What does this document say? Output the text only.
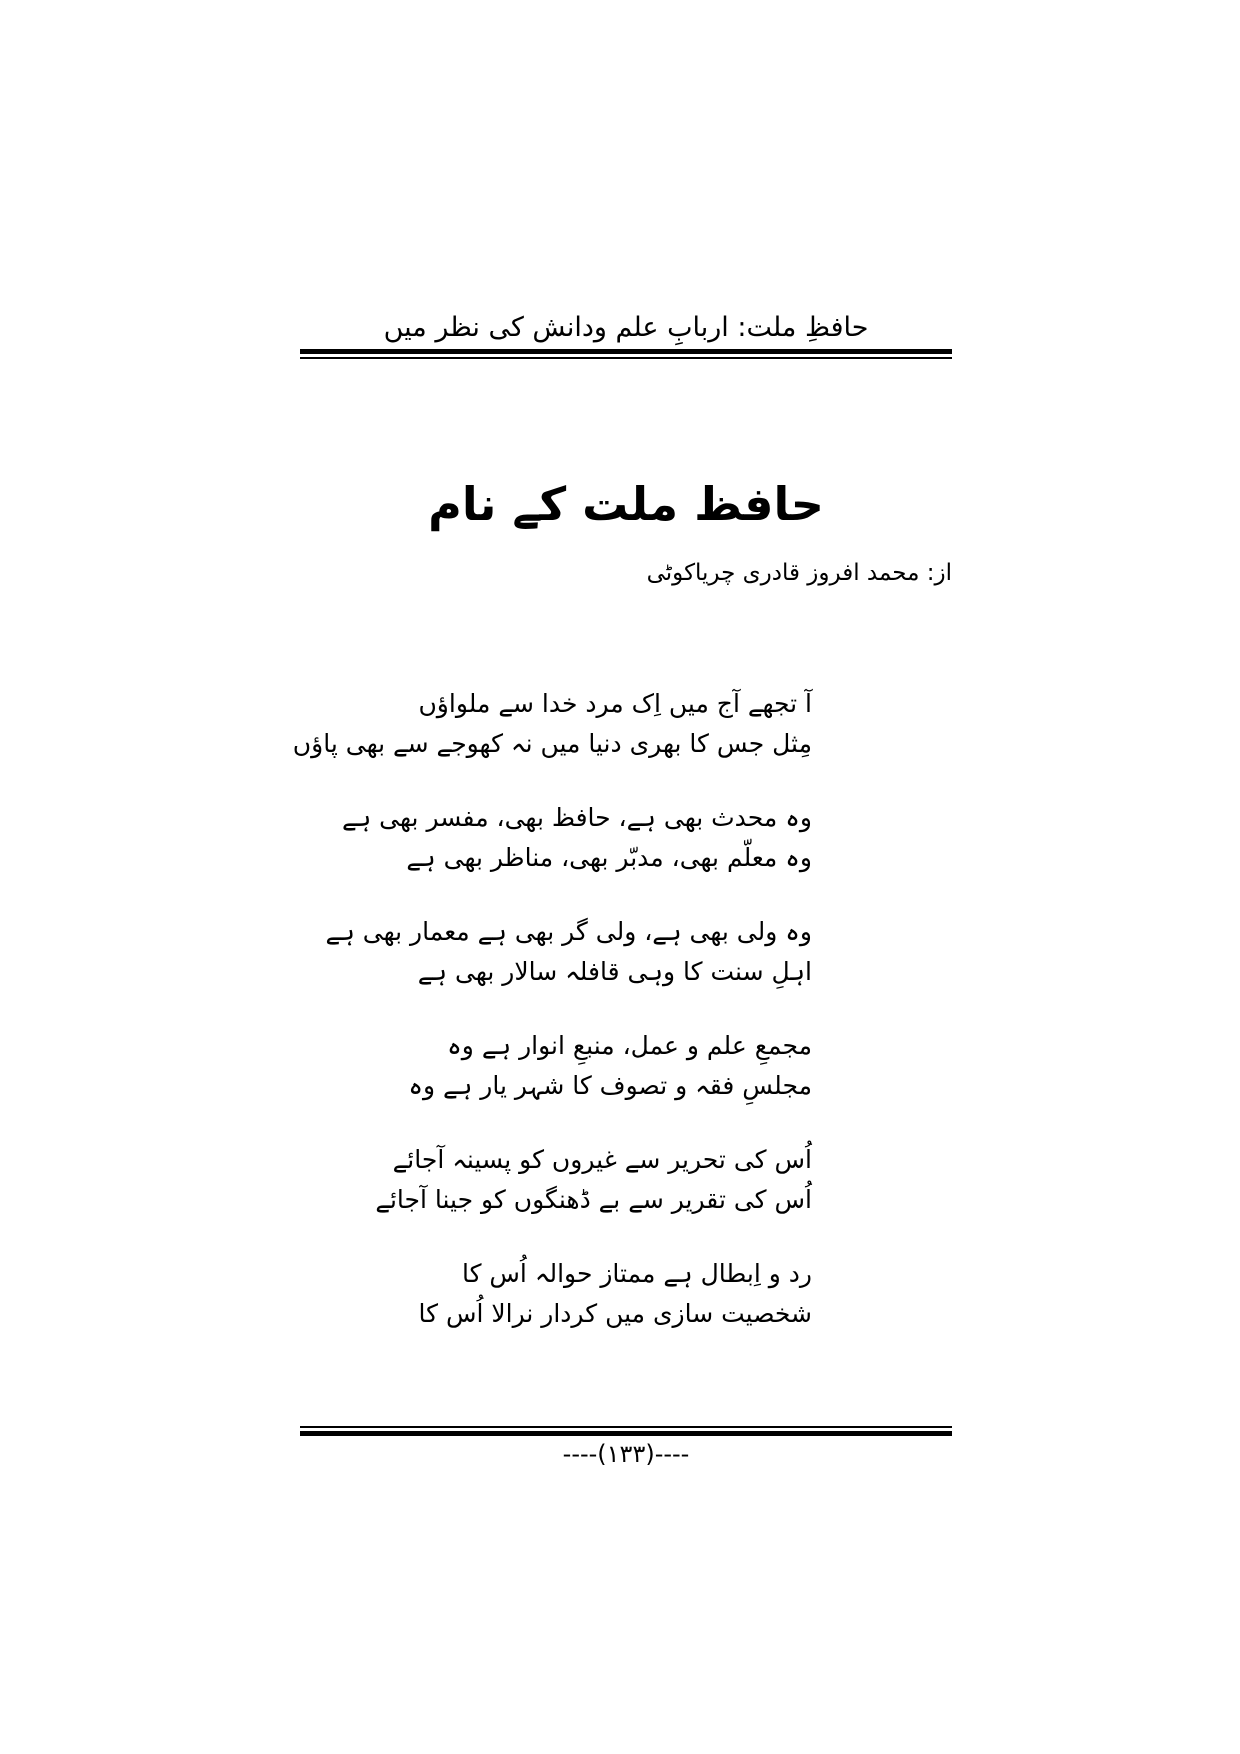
حافظِ ملت: اربابِ علم ودانش کی نظر میں
حافظ ملت کے نام
از: محمد افروز قادری چریاکوٹی
آ تجھے آج میں اِک مرد خدا سے ملواؤں
مِثل جس کا بھری دنیا میں نہ کھوجے سے بھی پاؤں
وہ محدث بھی ہے، حافظ بھی، مفسر بھی ہے
وہ معلّم بھی، مدبّر بھی، مناظر بھی ہے
وہ ولی بھی ہے، ولی گر بھی ہے معمار بھی ہے
اہلِ سنت کا وہی قافلہ سالار بھی ہے
مجمعِ علم و عمل، منبعِ انوار ہے وہ
مجلسِ فقہ و تصوف کا شہر یار ہے وہ
اُس کی تحریر سے غیروں کو پسینہ آجائے
اُس کی تقریر سے بے ڈھنگوں کو جینا آجائے
رد و اِبطال ہے ممتاز حوالہ اُس کا
شخصیت سازی میں کردار نرالا اُس کا
----(۱۳۳)----
